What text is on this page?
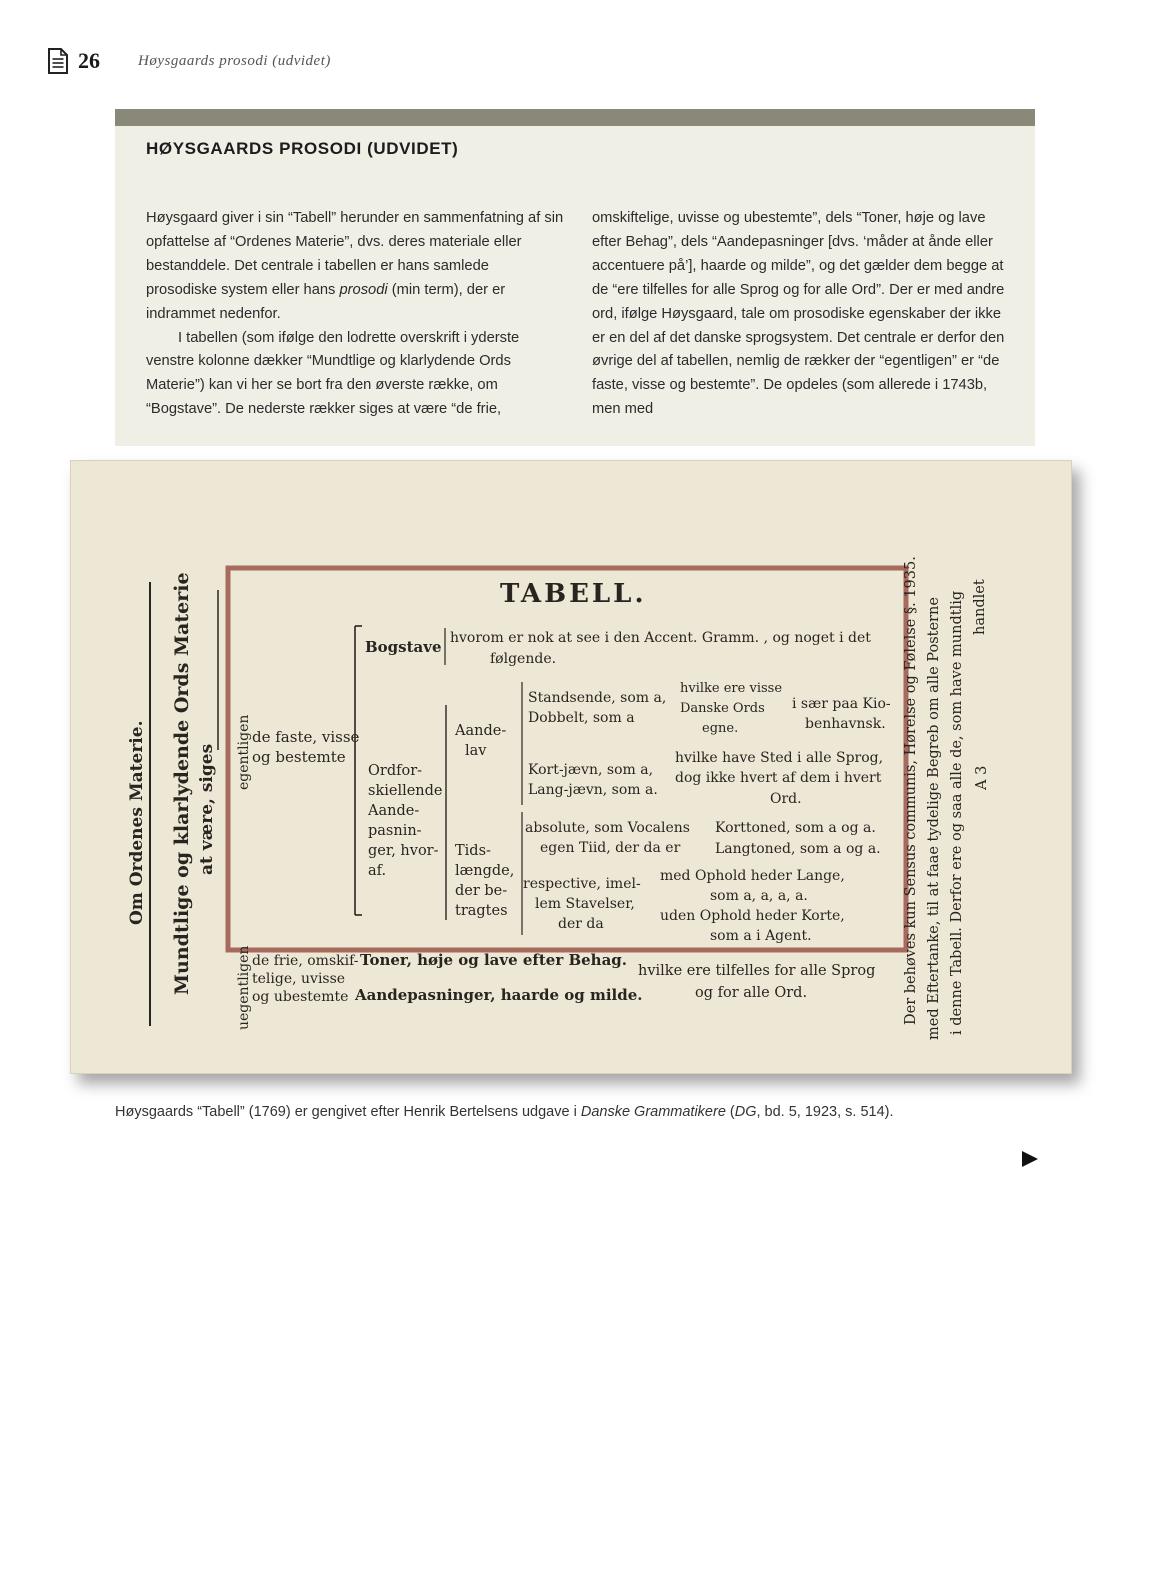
26	Høysgaards prosodi (udvidet)
HØYSGAARDS PROSODI (UDVIDET)

Høysgaard giver i sin “Tabell” herunder en sammenfatning af sin opfattelse af “Ordenes Materie”, dvs. deres materiale eller bestanddele. Det centrale i tabellen er hans samlede prosodiske system eller hans prosodi (min term), der er indrammet nedenfor.

I tabellen (som ifølge den lodrette overskrift i yderste venstre kolonne dækker “Mundtlige og klarlydende Ords Materie”) kan vi her se bort fra den øverste række, om “Bogstave”. De nederste rækker siges at være “de frie,

omskiftelige, uvisse og ubestemte”, dels “Toner, høje og lave efter Behag”, dels “Aandepasninger [dvs. ‘måder at ånde eller accentuere på’], haarde og milde”, og det gælder dem begge at de “ere tilfelles for alle Sprog og for alle Ord”. Der er med andre ord, ifølge Høysgaard, tale om prosodiske egenskaber der ikke er en del af det danske sprogsystem. Det centrale er derfor den øvrige del af tabellen, nemlig de rækker der “egentligen” er “de faste, visse og bestemte”. De opdeles (som allerede i 1743b, men med

Om Ordenes Materie. Mundtlige og klarlydende Ords Materie at være, siges
TABELL.
egentligen
uegentligen
de faste, visse og bestemte
Bogstave hvorom er nok at see i den Accent. Gramm. , og noget i det følgende.
Ordfor- skiellende Aande- pasnin- ger, hvor- af.
Aande- lav
Tids- længde, der be- tragtes
Standsende, som a, Dobbelt, som a
hvilke ere visse Danske Ords egne.
i sær paa Kio- benhavnsk.
Kort-jævn, som a, Lang-jævn, som a.
hvilke have Sted i alle Sprog, dog ikke hvert af dem i hvert Ord.
absolute, som Vocalens egen Tiid, der da er
Korttoned, som a og a. Langtoned, som a og a.
respective, imel- lem Stavelser, der da
med Ophold heder Lange, som a, a, a, a.
uden Ophold heder Korte, som a i Agent.
de frie, omskif- telige, uvisse og ubestemte
Toner, høje og lave efter Behag.
Aandepasninger, haarde og milde.
hvilke ere tilfelles for alle Sprog og for alle Ord.	Der behøves kun Sensus communis, Hørelse og Følelse §. 1935. med Eftertanke, til at faae tydelige Begreb om alle Posterne i denne Tabell. Derfor ere og saa alle de, som have mundtlig handlet
A 3
Høysgaards “Tabell” (1769) er gengivet efter Henrik Bertelsens udgave i Danske Grammatikere (DG, bd. 5, 1923, s. 514).
